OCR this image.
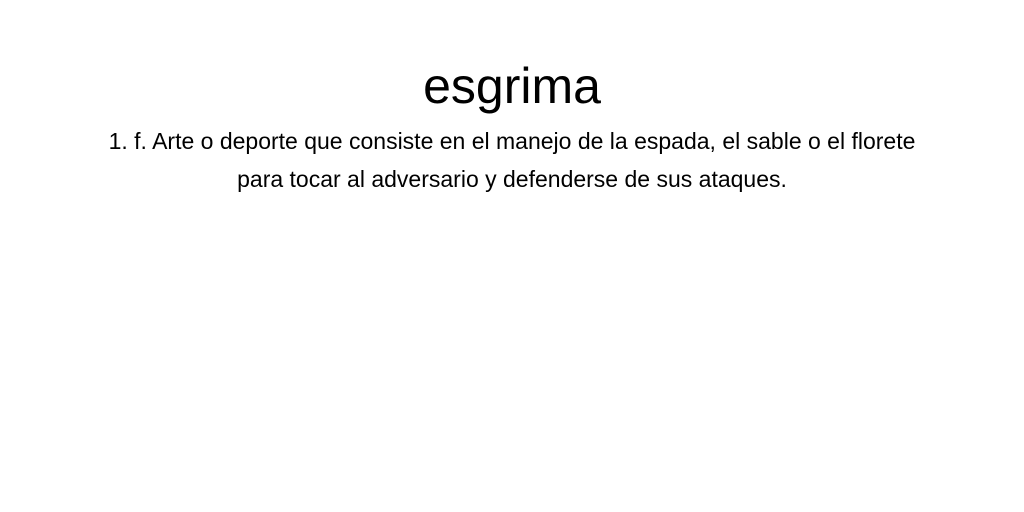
esgrima

1. f. Arte o deporte que consiste en el manejo de la espada, el sable o el florete para tocar al adversario y defenderse de sus ataques.
